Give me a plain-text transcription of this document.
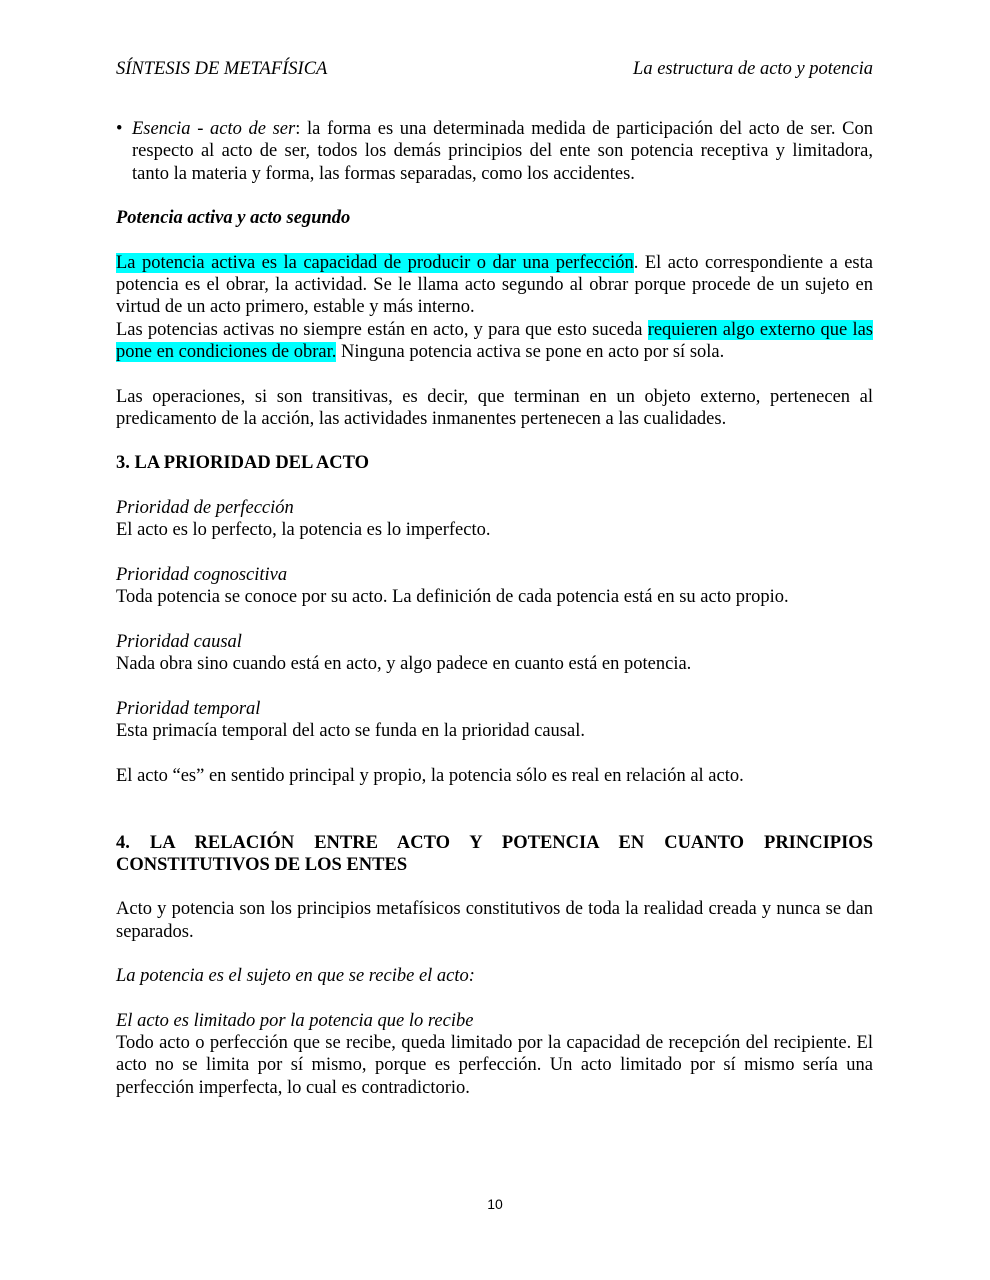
SÍNTESIS DE METAFÍSICA	La estructura de acto y potencia

• Esencia - acto de ser: la forma es una determinada medida de participación del acto de ser. Con respecto al acto de ser, todos los demás principios del ente son potencia receptiva y limitadora, tanto la materia y forma, las formas separadas, como los accidentes.

Potencia activa y acto segundo

La potencia activa es la capacidad de producir o dar una perfección. El acto correspondiente a esta potencia es el obrar, la actividad. Se le llama acto segundo al obrar porque procede de un sujeto en virtud de un acto primero, estable y más interno.

Las potencias activas no siempre están en acto, y para que esto suceda requieren algo externo que las pone en condiciones de obrar. Ninguna potencia activa se pone en acto por sí sola.

Las operaciones, si son transitivas, es decir, que terminan en un objeto externo, pertenecen al predicamento de la acción, las actividades inmanentes pertenecen a las cualidades.

3. LA PRIORIDAD DEL ACTO

Prioridad de perfección

El acto es lo perfecto, la potencia es lo imperfecto.

Prioridad cognoscitiva

Toda potencia se conoce por su acto. La definición de cada potencia está en su acto propio.

Prioridad causal

Nada obra sino cuando está en acto, y algo padece en cuanto está en potencia.

Prioridad temporal

Esta primacía temporal del acto se funda en la prioridad causal.

El acto “es” en sentido principal y propio, la potencia sólo es real en relación al acto.

4. LA RELACIÓN ENTRE ACTO Y POTENCIA EN CUANTO PRINCIPIOS CONSTITUTIVOS DE LOS ENTES

Acto y potencia son los principios metafísicos constitutivos de toda la realidad creada y nunca se dan separados.

La potencia es el sujeto en que se recibe el acto:

El acto es limitado por la potencia que lo recibe

Todo acto o perfección que se recibe, queda limitado por la capacidad de recepción del recipiente. El acto no se limita por sí mismo, porque es perfección. Un acto limitado por sí mismo sería una perfección imperfecta, lo cual es contradictorio.

10
